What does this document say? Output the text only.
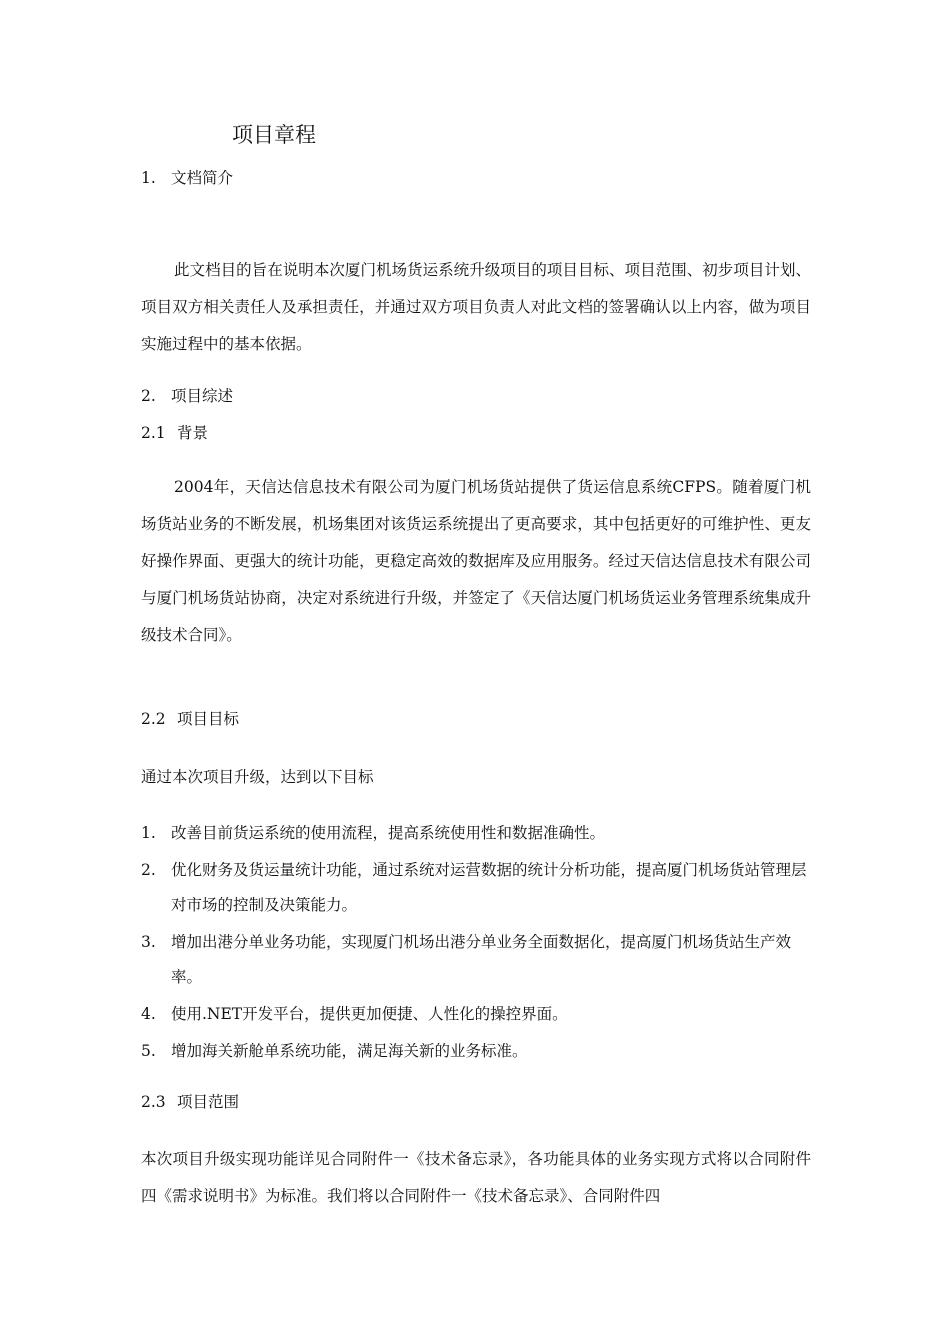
项目章程
1. 文档简介

此文档目的旨在说明本次厦门机场货运系统升级项目的项目目标、项目范围、初步项目计划、项目双方相关责任人及承担责任，并通过双方项目负责人对此文档的签署确认以上内容，做为项目实施过程中的基本依据。

2. 项目综述
2.1 背景

2004年，天信达信息技术有限公司为厦门机场货站提供了货运信息系统CFPS。随着厦门机场货站业务的不断发展，机场集团对该货运系统提出了更高要求，其中包括更好的可维护性、更友好操作界面、更强大的统计功能，更稳定高效的数据库及应用服务。经过天信达信息技术有限公司与厦门机场货站协商，决定对系统进行升级，并签定了《天信达厦门机场货运业务管理系统集成升级技术合同》。

2.2 项目目标

通过本次项目升级，达到以下目标

1. 改善目前货运系统的使用流程，提高系统使用性和数据准确性。
2. 优化财务及货运量统计功能，通过系统对运营数据的统计分析功能，提高厦门机场货站管理层对市场的控制及决策能力。
3. 增加出港分单业务功能，实现厦门机场出港分单业务全面数据化，提高厦门机场货站生产效率。
4. 使用.NET开发平台，提供更加便捷、人性化的操控界面。
5. 增加海关新舱单系统功能，满足海关新的业务标准。
2.3 项目范围

本次项目升级实现功能详见合同附件一《技术备忘录》，各功能具体的业务实现方式将以合同附件四《需求说明书》为标准。我们将以合同附件一《技术备忘录》、合同附件四
